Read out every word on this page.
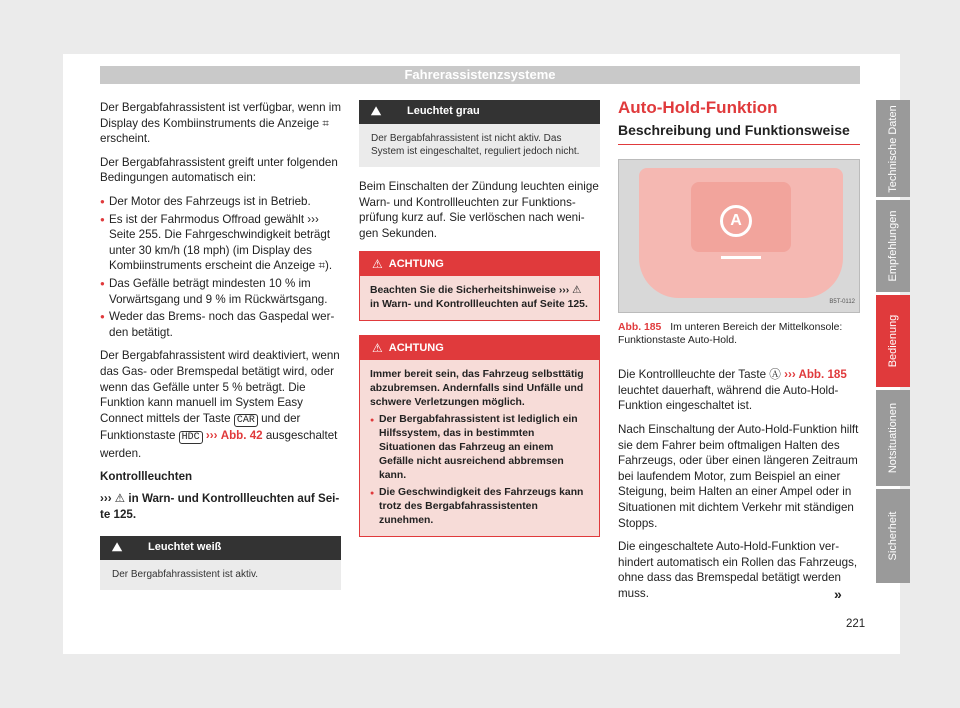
Fahrerassistenzsysteme

Der Bergabfahrassistent ist verfügbar, wenn im Display des Kombiinstruments die Anzeige ⌗ erscheint.

Der Bergabfahrassistent greift unter folgenden Bedingungen automatisch ein:

● Der Motor des Fahrzeugs ist in Betrieb.
● Es ist der Fahrmodus Offroad gewählt ››› Seite 255. Die Fahrgeschwindigkeit beträgt unter 30 km/h (18 mph) (im Display des Kombiinstruments erscheint die Anzeige ⌗).
● Das Gefälle beträgt mindesten 10 % im Vorwärtsgang und 9 % im Rückwärtsgang.
● Weder das Brems- noch das Gaspedal werden betätigt.

Der Bergabfahrassistent wird deaktiviert, wenn das Gas- oder Bremspedal betätigt wird, oder wenn das Gefälle unter 5 % beträgt. Die Funktion kann manuell im System Easy Connect mittels der Taste CAR und der Funktionstaste HDC ››› Abb. 42 ausgeschaltet werden.

Kontrollleuchten

››› ⚠ in Warn- und Kontrollleuchten auf Seite 125.

⛰	Leuchtet weiß
Der Bergabfahrassistent ist aktiv.
⛰	Leuchtet grau
Der Bergabfahrassistent ist nicht aktiv. Das System ist eingeschaltet, reguliert jedoch nicht.

Beim Einschalten der Zündung leuchten einige Warn- und Kontrollleuchten zur Funktionsprüfung kurz auf. Sie verlöschen nach wenigen Sekunden.

⚠ ACHTUNG
Beachten Sie die Sicherheitshinweise ››› ⚠ in Warn- und Kontrollleuchten auf Seite 125.
⚠ ACHTUNG
Immer bereit sein, das Fahrzeug selbsttätig abzubremsen. Andernfalls sind Unfälle und schwere Verletzungen möglich.
● Der Bergabfahrassistent ist lediglich ein Hilfssystem, das in bestimmten Situationen das Fahrzeug an einem Gefälle nicht ausreichend abbremsen kann.
● Die Geschwindigkeit des Fahrzeugs kann trotz des Bergabfahrassistenten zunehmen.
Auto-Hold-Funktion
Beschreibung und Funktionsweise
A
B5T-0112
Abb. 185 Im unteren Bereich der Mittelkonsole: Funktionstaste Auto-Hold.

Die Kontrollleuchte der Taste Ⓐ ››› Abb. 185 leuchtet dauerhaft, während die Auto-Hold-Funktion eingeschaltet ist.

Nach Einschaltung der Auto-Hold-Funktion hilft sie dem Fahrer beim oftmaligen Halten des Fahrzeugs, oder über einen längeren Zeitraum bei laufendem Motor, zum Beispiel an einer Steigung, beim Halten an einer Ampel oder in Situationen mit dichtem Verkehr mit ständigen Stopps.

Die eingeschaltete Auto-Hold-Funktion verhindert automatisch ein Rollen das Fahrzeugs, ohne dass das Bremspedal betätigt werden muss.	»
221
Technische Daten
Empfehlungen
Bedienung
Notsituationen
Sicherheit
